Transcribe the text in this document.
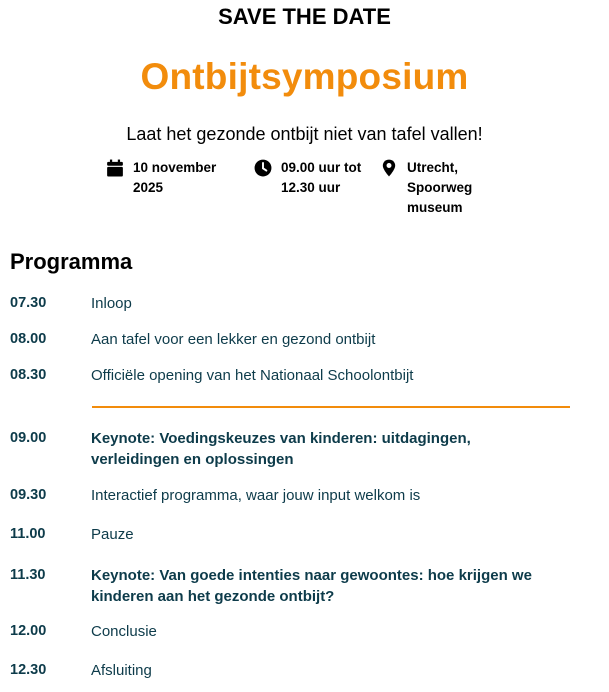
SAVE THE DATE
Ontbijtsymposium
Laat het gezonde ontbijt niet van tafel vallen!
10 november
2025
09.00 uur tot
12.30 uur
Utrecht,
Spoorweg
museum
Programma
07.30	Inloop
08.00	Aan tafel voor een lekker en gezond ontbijt
08.30	Officiële opening van het Nationaal Schoolontbijt
09.00	Keynote: Voedingskeuzes van kinderen: uitdagingen,
verleidingen en oplossingen
09.30	Interactief programma, waar jouw input welkom is
11.00	Pauze
11.30	Keynote: Van goede intenties naar gewoontes: hoe krijgen we
kinderen aan het gezonde ontbijt?
12.00	Conclusie
12.30	Afsluiting
